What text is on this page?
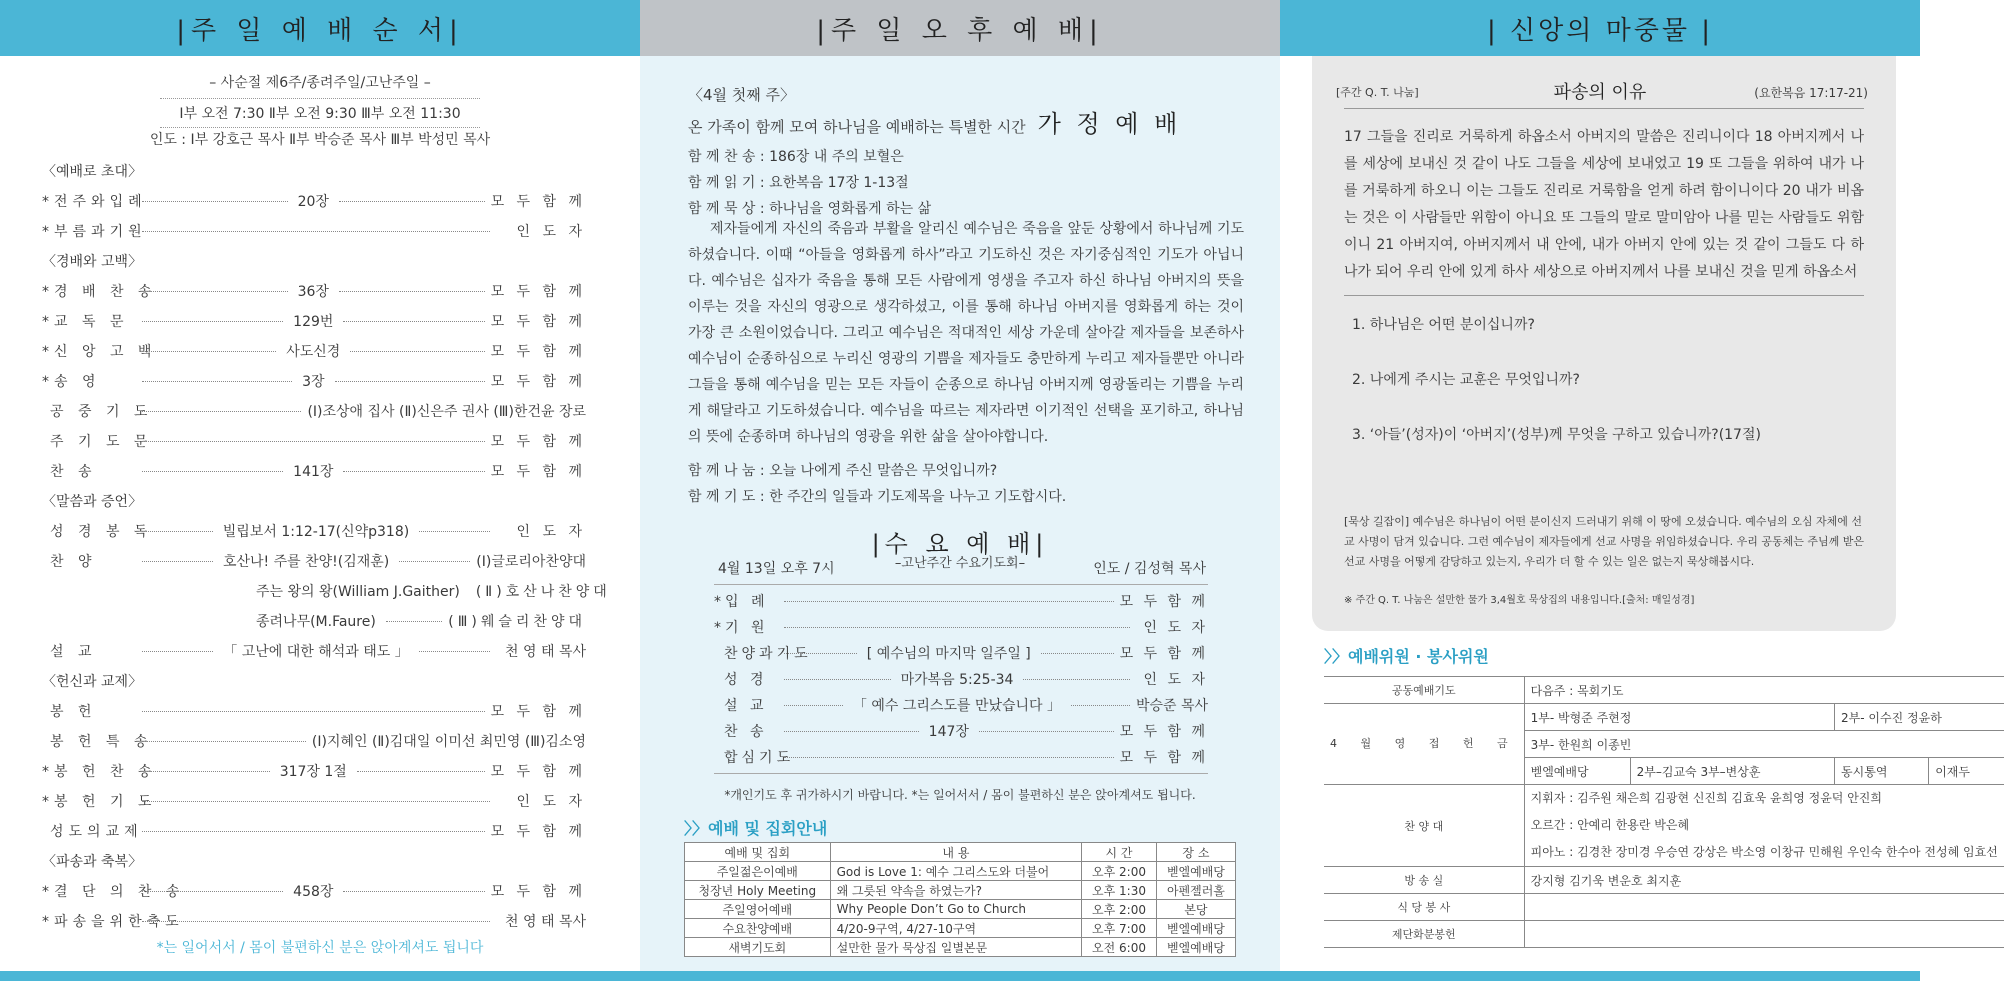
|주 일 예 배 순 서|	|주 일 오 후 예 배|	| 신앙의 마중물 |
– 사순절 제6주/종려주일/고난주일 –
Ⅰ부 오전 7:30 Ⅱ부 오전 9:30 Ⅲ부 오전 11:30
인도 : Ⅰ부 강호근 목사 Ⅱ부 박승준 목사 Ⅲ부 박성민 목사
〈예배로 초대〉
* 전주와입례	20장	모 두 함 께
* 부름과기원	인 도 자
〈경배와 고백〉
* 경 배 찬 송	36장	모 두 함 께
* 교 독 문	129번	모 두 함 께
* 신 앙 고 백	사도신경	모 두 함 께
* 송 영	3장	모 두 함 께
공 중 기 도	(Ⅰ)조상애 집사 (Ⅱ)신은주 권사 (Ⅲ)한건윤 장로
주 기 도 문	모 두 함 께
찬 송	141장	모 두 함 께
〈말씀과 증언〉
성 경 봉 독	빌립보서 1:12-17(신약p318)	인 도 자
찬 양	호산나! 주를 찬양!(김재훈)	(Ⅰ)글로리아찬양대
주는 왕의 왕(William J.Gaither) (Ⅱ)호산나찬양대
종려나무(M.Faure)	(Ⅲ)웨슬리찬양대
설 교	「 고난에 대한 해석과 태도 」	천 영 태 목사
〈헌신과 교제〉
봉 헌	모 두 함 께
봉 헌 특 송	(Ⅰ)지혜인 (Ⅱ)김대일 이미선 최민영 (Ⅲ)김소영
* 봉 헌 찬 송	317장 1절	모 두 함 께
* 봉 헌 기 도	인 도 자
성도의교제	모 두 함 께
〈파송과 축복〉
* 결 단 의 찬 송	458장	모 두 함 께
* 파송을위한축도	천 영 태 목사
*는 일어서서 / 몸이 불편하신 분은 앉아계셔도 됩니다
〈4월 첫째 주〉
온 가족이 함께 모여 하나님을 예배하는 특별한 시간 가 정 예 배
함 께 찬 송 : 186장 내 주의 보혈은
함 께 읽 기 : 요한복음 17장 1-13절
함 께 묵 상 : 하나님을 영화롭게 하는 삶
제자들에게 자신의 죽음과 부활을 알리신 예수님은 죽음을 앞둔 상황에서 하나님께 기도하셨습니다. 이때 “아들을 영화롭게 하사”라고 기도하신 것은 자기중심적인 기도가 아닙니다. 예수님은 십자가 죽음을 통해 모든 사람에게 영생을 주고자 하신 하나님 아버지의 뜻을 이루는 것을 자신의 영광으로 생각하셨고, 이를 통해 하나님 아버지를 영화롭게 하는 것이 가장 큰 소원이었습니다. 그리고 예수님은 적대적인 세상 가운데 살아갈 제자들을 보존하사 예수님이 순종하심으로 누리신 영광의 기쁨을 제자들도 충만하게 누리고 제자들뿐만 아니라 그들을 통해 예수님을 믿는 모든 자들이 순종으로 하나님 아버지께 영광돌리는 기쁨을 누리게 해달라고 기도하셨습니다. 예수님을 따르는 제자라면 이기적인 선택을 포기하고, 하나님의 뜻에 순종하며 하나님의 영광을 위한 삶을 살아야합니다.
함 께 나 눔 : 오늘 나에게 주신 말씀은 무엇입니까?
함 께 기 도 : 한 주간의 일들과 기도제목을 나누고 기도합시다.
|수 요 예 배|
–고난주간 수요기도회–
4월 13일 오후 7시	인도 / 김성혁 목사
* 입 례	모 두 함 께
* 기 원	인 도 자
찬양과기도	[ 예수님의 마지막 일주일 ]	모 두 함 께
성 경	마가복음 5:25-34	인 도 자
설 교	「 예수 그리스도를 만났습니다 」	박승준 목사
찬 송	147장	모 두 함 께
합심기도	모 두 함 께
*개인기도 후 귀가하시기 바랍니다. *는 일어서서 / 몸이 불편하신 분은 앉아계셔도 됩니다.
〉〉예배 및 집회안내
예배 및 집회	내 용	시 간	장 소
주일젊은이예배	God is Love 1: 예수 그리스도와 더불어	오후 2:00	벧엘예배당
청장년 Holy Meeting	왜 그릇된 약속을 하였는가?	오후 1:30	아펜젤러홀
주일영어예배	Why People Don’t Go to Church	오후 2:00	본당
수요찬양예배	4/20-9구역, 4/27-10구역	오후 7:00	벧엘예배당
새벽기도회	설만한 물가 묵상집 일별본문	오전 6:00	벧엘예배당
[주간 Q. T. 나눔]	파송의 이유	(요한복음 17:17-21)
17 그들을 진리로 거룩하게 하옵소서 아버지의 말씀은 진리니이다 18 아버지께서 나를 세상에 보내신 것 같이 나도 그들을 세상에 보내었고 19 또 그들을 위하여 내가 나를 거룩하게 하오니 이는 그들도 진리로 거룩함을 얻게 하려 함이니이다 20 내가 비옵는 것은 이 사람들만 위함이 아니요 또 그들의 말로 말미암아 나를 믿는 사람들도 위함이니 21 아버지여, 아버지께서 내 안에, 내가 아버지 안에 있는 것 같이 그들도 다 하나가 되어 우리 안에 있게 하사 세상으로 아버지께서 나를 보내신 것을 믿게 하옵소서
1. 하나님은 어떤 분이십니까?
2. 나에게 주시는 교훈은 무엇입니까?
3. ‘아들’(성자)이 ‘아버지’(성부)께 무엇을 구하고 있습니까?(17절)
[묵상 길잡이] 예수님은 하나님이 어떤 분이신지 드러내기 위해 이 땅에 오셨습니다. 예수님의 오심 자체에 선교 사명이 담겨 있습니다. 그런 예수님이 제자들에게 선교 사명을 위임하셨습니다. 우리 공동체는 주님께 받은 선교 사명을 어떻게 감당하고 있는지, 우리가 더 할 수 있는 일은 없는지 묵상해봅시다.
※ 주간 Q. T. 나눔은 설만한 물가 3,4월호 묵상집의 내용입니다.[출처: 매일성경]
〉〉예배위원 · 봉사위원
공동예배기도	다음주 : 목회기도			
4 월 영 접 헌 금	1부- 박형준 주현정		2부- 이수진 정윤하	
	3부- 한원희 이종빈			
	벧엘예배당	2부–김교숙 3부–변상훈	동시통역	이재두
찬 양 대	지휘자 : 김주원 채은희 김광현 신진희 김효욱 윤희영 정윤덕 안진희
오르간 : 안예리 한용란 박은혜
피아노 : 김경찬 장미경 우승연 강상은 박소영 이창규 민해원 우인숙 한수아 전성혜 임효선			

방 송 실	강지형 김기욱 변운호 최지훈			
식 당 봉 사				
제단화분봉헌				
